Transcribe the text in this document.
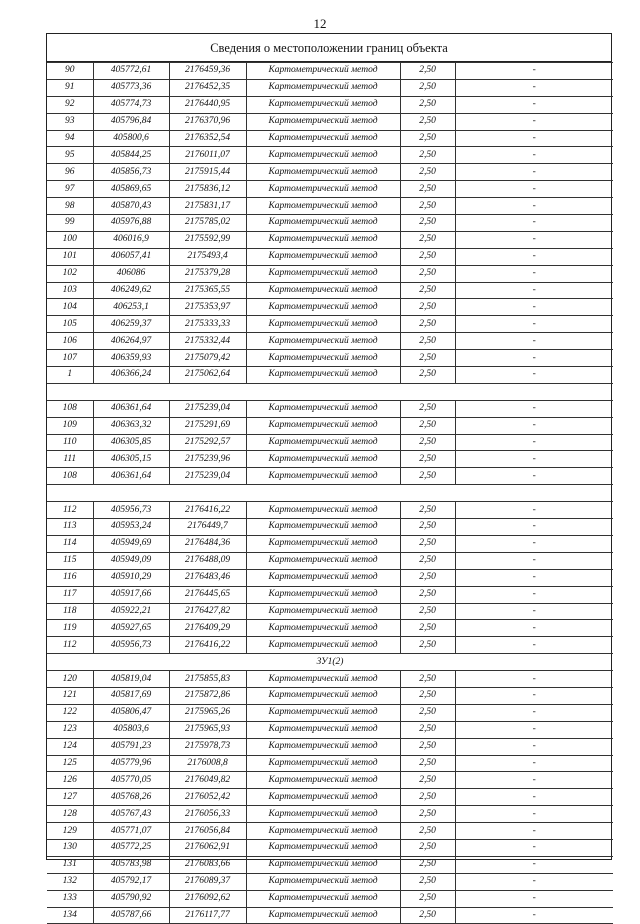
12
Сведения о местоположении границ объекта
90	405772,61	2176459,36	Картометрический метод	2,50	-
91	405773,36	2176452,35	Картометрический метод	2,50	-
92	405774,73	2176440,95	Картометрический метод	2,50	-
93	405796,84	2176370,96	Картометрический метод	2,50	-
94	405800,6	2176352,54	Картометрический метод	2,50	-
95	405844,25	2176011,07	Картометрический метод	2,50	-
96	405856,73	2175915,44	Картометрический метод	2,50	-
97	405869,65	2175836,12	Картометрический метод	2,50	-
98	405870,43	2175831,17	Картометрический метод	2,50	-
99	405976,88	2175785,02	Картометрический метод	2,50	-
100	406016,9	2175592,99	Картометрический метод	2,50	-
101	406057,41	2175493,4	Картометрический метод	2,50	-
102	406086	2175379,28	Картометрический метод	2,50	-
103	406249,62	2175365,55	Картометрический метод	2,50	-
104	406253,1	2175353,97	Картометрический метод	2,50	-
105	406259,37	2175333,33	Картометрический метод	2,50	-
106	406264,97	2175332,44	Картометрический метод	2,50	-
107	406359,93	2175079,42	Картометрический метод	2,50	-
1	406366,24	2175062,64	Картометрический метод	2,50	-

108	406361,64	2175239,04	Картометрический метод	2,50	-
109	406363,32	2175291,69	Картометрический метод	2,50	-
110	406305,85	2175292,57	Картометрический метод	2,50	-
111	406305,15	2175239,96	Картометрический метод	2,50	-
108	406361,64	2175239,04	Картометрический метод	2,50	-

112	405956,73	2176416,22	Картометрический метод	2,50	-
113	405953,24	2176449,7	Картометрический метод	2,50	-
114	405949,69	2176484,36	Картометрический метод	2,50	-
115	405949,09	2176488,09	Картометрический метод	2,50	-
116	405910,29	2176483,46	Картометрический метод	2,50	-
117	405917,66	2176445,65	Картометрический метод	2,50	-
118	405922,21	2176427,82	Картометрический метод	2,50	-
119	405927,65	2176409,29	Картометрический метод	2,50	-
112	405956,73	2176416,22	Картометрический метод	2,50	-
ЗУ1(2)					
120	405819,04	2175855,83	Картометрический метод	2,50	-
121	405817,69	2175872,86	Картометрический метод	2,50	-
122	405806,47	2175965,26	Картометрический метод	2,50	-
123	405803,6	2175965,93	Картометрический метод	2,50	-
124	405791,23	2175978,73	Картометрический метод	2,50	-
125	405779,96	2176008,8	Картометрический метод	2,50	-
126	405770,05	2176049,82	Картометрический метод	2,50	-
127	405768,26	2176052,42	Картометрический метод	2,50	-
128	405767,43	2176056,33	Картометрический метод	2,50	-
129	405771,07	2176056,84	Картометрический метод	2,50	-
130	405772,25	2176062,91	Картометрический метод	2,50	-
131	405783,98	2176083,66	Картометрический метод	2,50	-
132	405792,17	2176089,37	Картометрический метод	2,50	-
133	405790,92	2176092,62	Картометрический метод	2,50	-
134	405787,66	2176117,77	Картометрический метод	2,50	-
